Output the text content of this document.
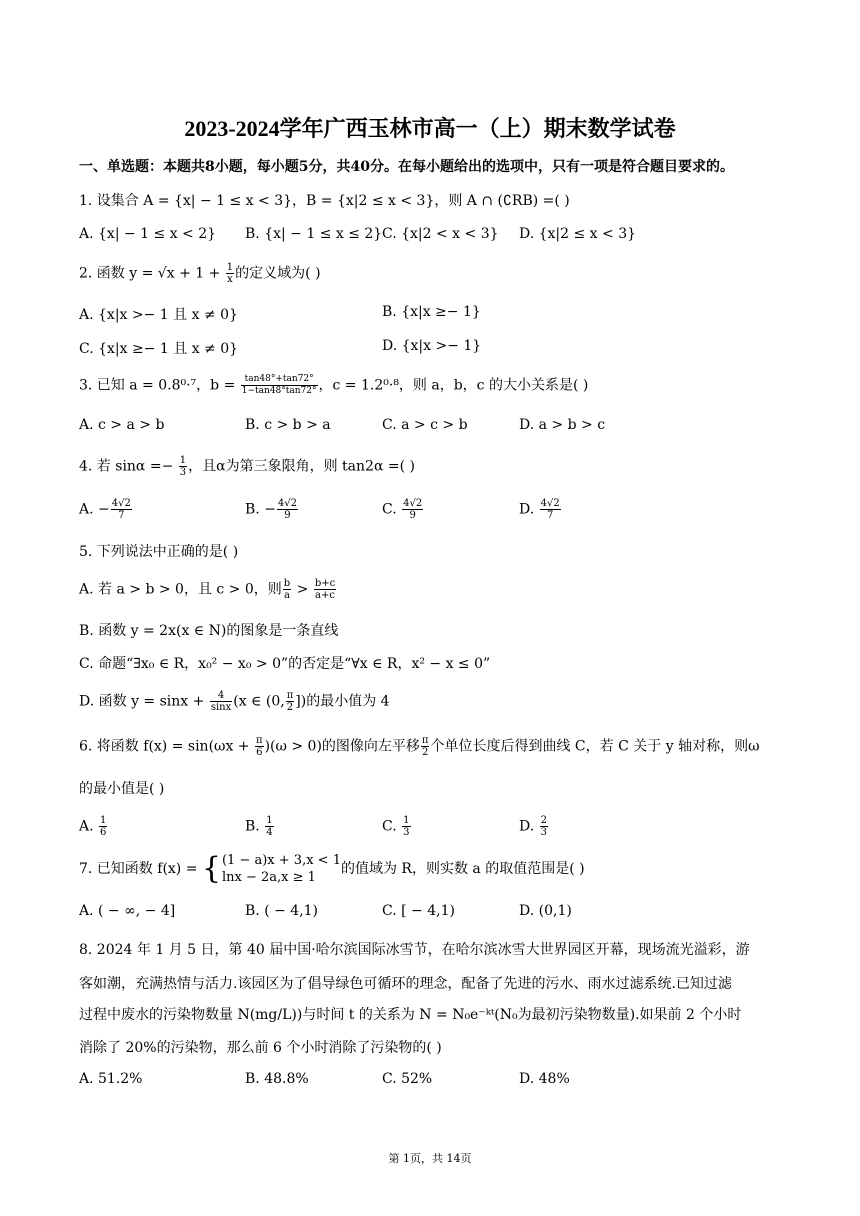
2023-2024学年广西玉林市高一（上）期末数学试卷
一、单选题：本题共8小题，每小题5分，共40分。在每小题给出的选项中，只有一项是符合题目要求的。
1. 设集合 A = {x| − 1 ≤ x < 3}，B = {x|2 ≤ x < 3}，则 A ∩ (∁RB) =( )
A. {x| − 1 ≤ x < 2} B. {x| − 1 ≤ x ≤ 2} C. {x|2 < x < 3} D. {x|2 ≤ x < 3}
2. 函数 $y = √x + 1 + \frac{1}{x}$ 的定义域为( )
A. {x|x >− 1 且 x ≠ 0}	B. {x|x ≥− 1}
C. {x|x ≥− 1 且 x ≠ 0}	D. {x|x >− 1}
3. 已知 a = 0.8⁰·⁷，$b = \frac{\tan 48^\circ+\tan 72^\circ}{1-\tan 48^\circ\tan 72^\circ}$ ，c = 1.2⁰·⁸，则 a，b，c 的大小关系是( )
A. c > a > b	B. c > b > a	C. a > c > b	D. a > b > c
4. 若 $\sin\alpha =- \frac{1}{3}$ ，且α为第三象限角，则 tan2α =( )
A. − $\frac{4√2}{7}$	B. − $\frac{4√2}{9}$	C. $\frac{4√2}{9}$	D. $\frac{4√2}{7}$
5. 下列说法中正确的是( )
A. 若 a > b > 0，且 c > 0，则 $\frac{b}{a} > \frac{b+c}{a+c}$
B. 函数 y = 2x(x ∈ N)的图象是一条直线
C. 命题“∃x₀ ∈ R，x₀² − x₀ > 0”的否定是“∀x ∈ R，x² − x ≤ 0”
D. 函数 $y = \sin x + \frac{4}{\sin x} (x$ ∈ (0, $\frac{\pi}{2}$ ])的最小值为 4
6. 将函数 $f(x) = \sin(\omega x + \frac{\pi}{6} )(\omega > 0)$的图像向左平移 $\frac{\pi}{2}$ 个单位长度后得到曲线 C，若 C 关于 y 轴对称，则ω
的最小值是( )
A. $\frac{1}{6}$	B. $\frac{1}{4}$	C. $\frac{1}{3}$	D. $\frac{2}{3}$
7. 已知函数 f(x) = { (1 − a)x + 3,x < 1
lnx − 2a,x ≥ 1
的值域为 R，则实数 a 的取值范围是( )
A. ( − ∞, − 4]	B. ( − 4,1)	C. [ − 4,1)	D. (0,1)
8. 2024 年 1 月 5 日，第 40 届中国·哈尔滨国际冰雪节，在哈尔滨冰雪大世界园区开幕，现场流光溢彩，游
客如潮，充满热情与活力.该园区为了倡导绿色可循环的理念，配备了先进的污水、雨水过滤系统.已知过滤
过程中废水的污染物数量 N(mg/L))与时间 t 的关系为 N = N₀e⁻ᵏᵗ(N₀为最初污染物数量).如果前 2 个小时
消除了 20%的污染物，那么前 6 个小时消除了污染物的( )
A. 51.2%	B. 48.8%	C. 52%	D. 48%
第 1页，共 14页
